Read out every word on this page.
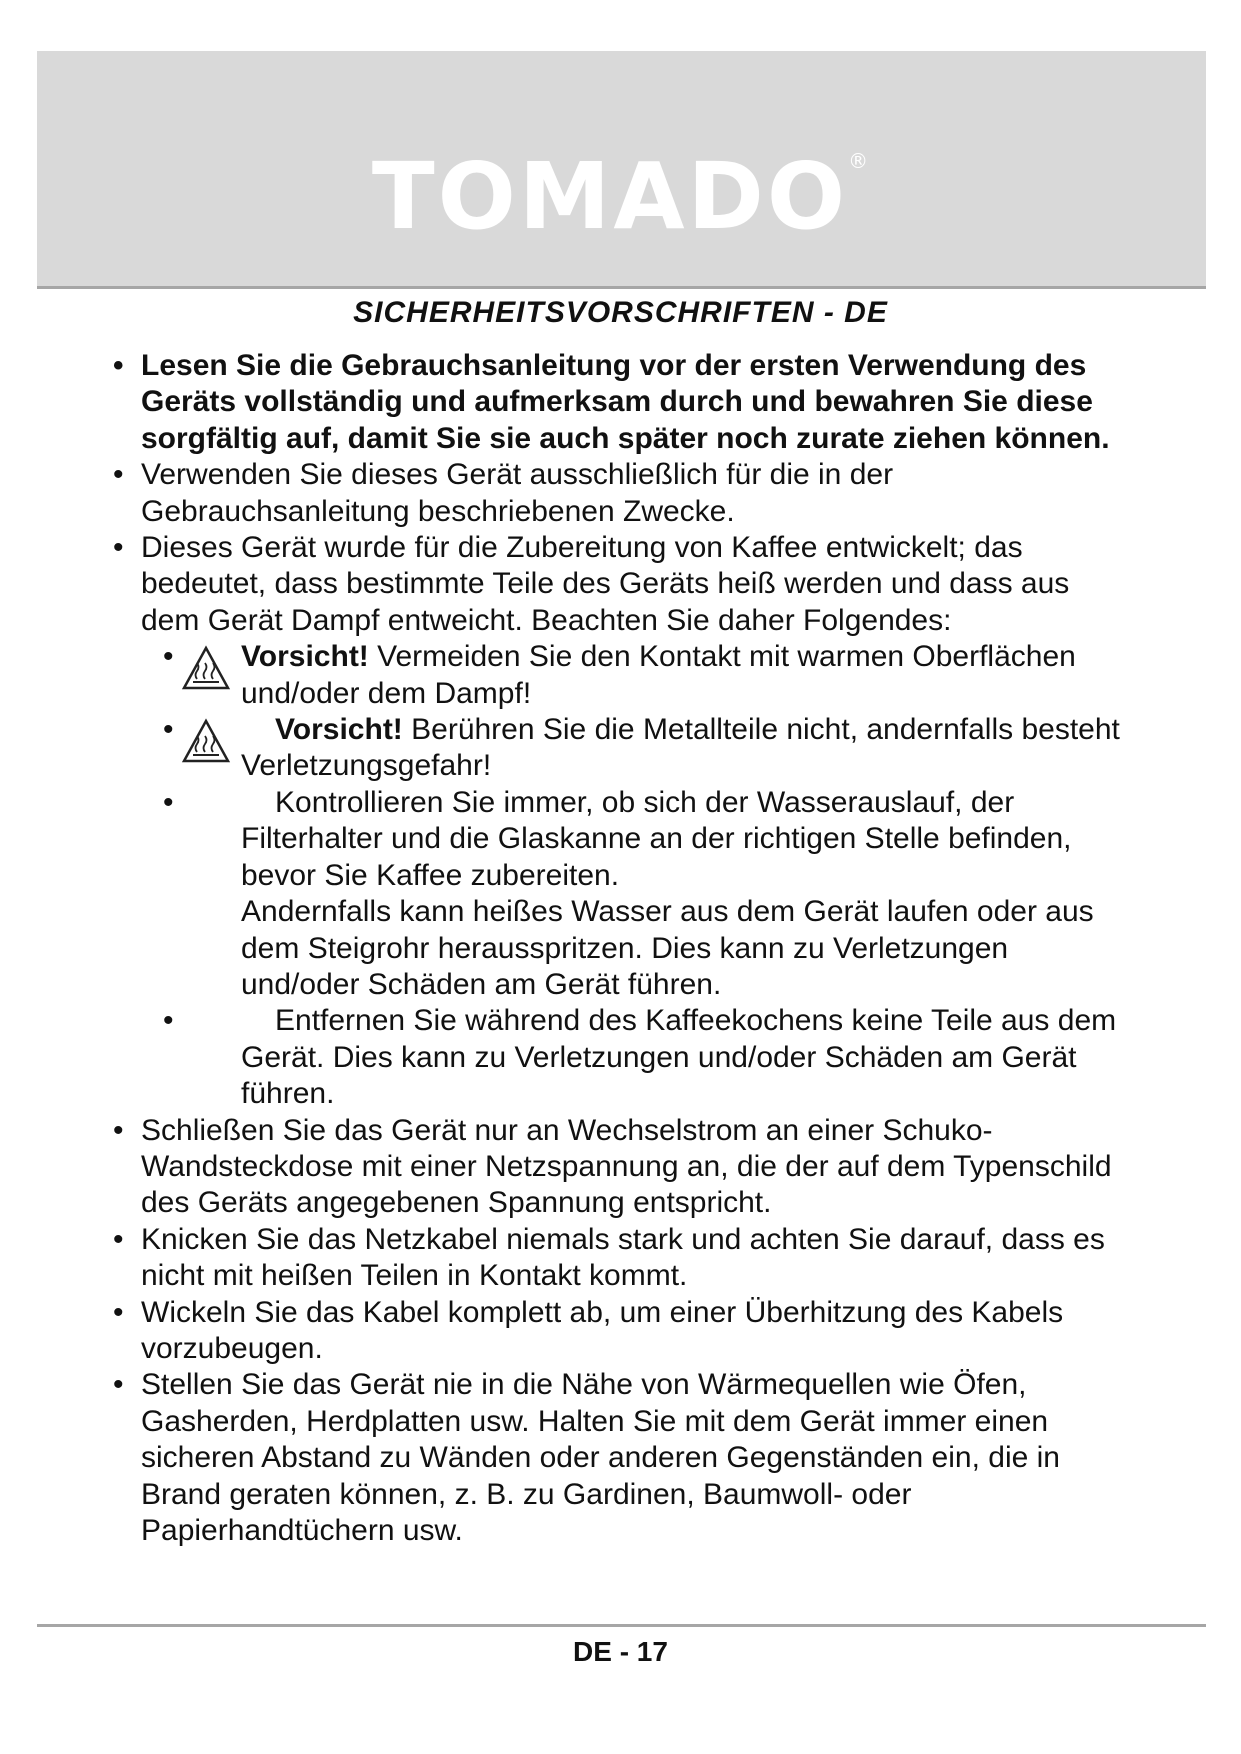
TOMADO®
SICHERHEITSVORSCHRIFTEN - DE
• Lesen Sie die Gebrauchsanleitung vor der ersten Verwendung des Geräts vollständig und aufmerksam durch und bewahren Sie diese sorgfältig auf, damit Sie sie auch später noch zurate ziehen können.
• Verwenden Sie dieses Gerät ausschließlich für die in der Gebrauchsanleitung beschriebenen Zwecke.
• Dieses Gerät wurde für die Zubereitung von Kaffee entwickelt; das bedeutet, dass bestimmte Teile des Geräts heiß werden und dass aus dem Gerät Dampf entweicht. Beachten Sie daher Folgendes:
• Vorsicht! Vermeiden Sie den Kontakt mit warmen Oberflächen und/oder dem Dampf!
•	Vorsicht! Berühren Sie die Metallteile nicht, andernfalls besteht Verletzungsgefahr!
•	Kontrollieren Sie immer, ob sich der Wasserauslauf, der Filterhalter und die Glaskanne an der richtigen Stelle befinden, bevor Sie Kaffee zubereiten.
Andernfalls kann heißes Wasser aus dem Gerät laufen oder aus dem Steigrohr herausspritzen. Dies kann zu Verletzungen und/oder Schäden am Gerät führen.
•	Entfernen Sie während des Kaffeekochens keine Teile aus dem Gerät. Dies kann zu Verletzungen und/oder Schäden am Gerät führen.
• Schließen Sie das Gerät nur an Wechselstrom an einer Schuko-Wandsteckdose mit einer Netzspannung an, die der auf dem Typenschild des Geräts angegebenen Spannung entspricht.
• Knicken Sie das Netzkabel niemals stark und achten Sie darauf, dass es nicht mit heißen Teilen in Kontakt kommt.
• Wickeln Sie das Kabel komplett ab, um einer Überhitzung des Kabels vorzubeugen.
• Stellen Sie das Gerät nie in die Nähe von Wärmequellen wie Öfen, Gasherden, Herdplatten usw. Halten Sie mit dem Gerät immer einen sicheren Abstand zu Wänden oder anderen Gegenständen ein, die in Brand geraten können, z. B. zu Gardinen, Baumwoll- oder Papierhandtüchern usw.
DE - 17
